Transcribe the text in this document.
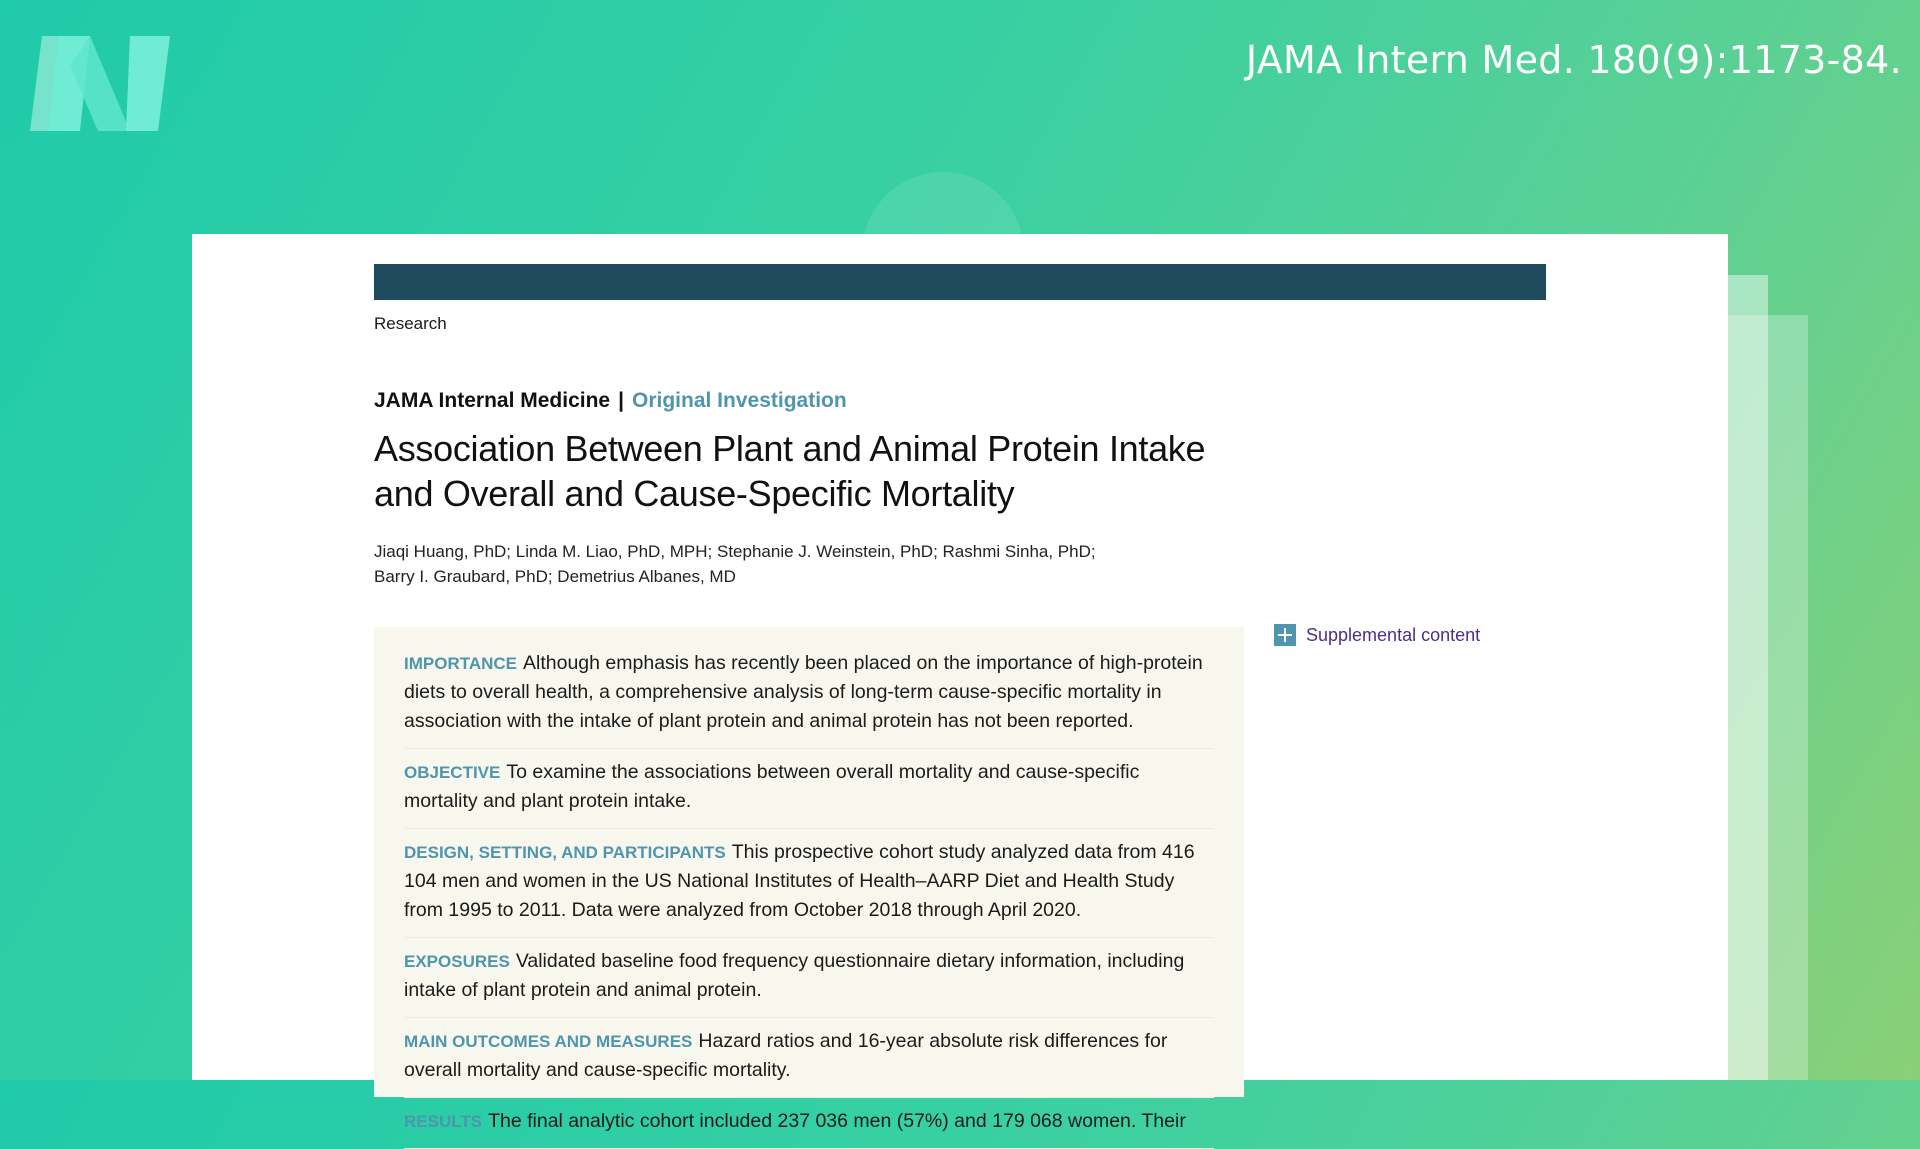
JAMA Intern Med. 180(9):1173-84.
Research
JAMA Internal Medicine | Original Investigation
Association Between Plant and Animal Protein Intake and Overall and Cause-Specific Mortality
Jiaqi Huang, PhD; Linda M. Liao, PhD, MPH; Stephanie J. Weinstein, PhD; Rashmi Sinha, PhD;
Barry I. Graubard, PhD; Demetrius Albanes, MD
IMPORTANCE Although emphasis has recently been placed on the importance of high-protein diets to overall health, a comprehensive analysis of long-term cause-specific mortality in association with the intake of plant protein and animal protein has not been reported.
OBJECTIVE To examine the associations between overall mortality and cause-specific mortality and plant protein intake.
DESIGN, SETTING, AND PARTICIPANTS This prospective cohort study analyzed data from 416 104 men and women in the US National Institutes of Health–AARP Diet and Health Study from 1995 to 2011. Data were analyzed from October 2018 through April 2020.
EXPOSURES Validated baseline food frequency questionnaire dietary information, including intake of plant protein and animal protein.
MAIN OUTCOMES AND MEASURES Hazard ratios and 16-year absolute risk differences for overall mortality and cause-specific mortality.
RESULTS The final analytic cohort included 237 036 men (57%) and 179 068 women. Their
Supplemental content
